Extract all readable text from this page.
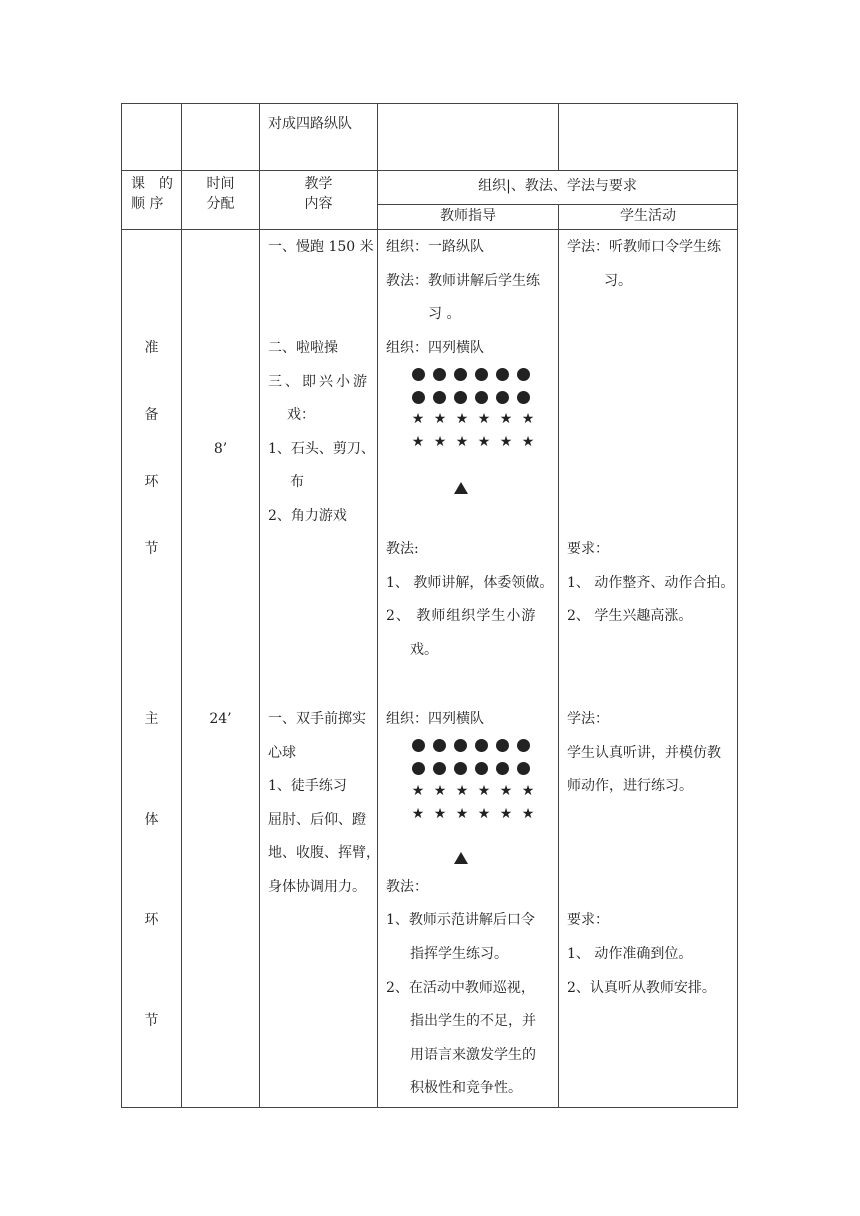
对成四路纵队
课　的
顺 序
时间
分配
教学
内容
组织|、教法、学法与要求
教师指导	学生活动
准
备
环
节
8’
一、慢跑 150 米
二、啦啦操
三、即兴小游
戏：
1、石头、剪刀、
布
2、角力游戏
组织：一路纵队
教法：教师讲解后学生练
习 。
组织：四列横队
★ ★ ★ ★ ★ ★
★ ★ ★ ★ ★ ★
教法:
1、 教师讲解，体委领做。
2、 教师组织学生小游
戏。
学法：听教师口令学生练
习。
要求：
1、 动作整齐、动作合拍。
2、 学生兴趣高涨。
主
体
环
节
24’	一、双手前掷实
心球
1、徒手练习
屈肘、后仰、蹬
地、收腹、挥臂，
身体协调用力。
组织：四列横队
★ ★ ★ ★ ★ ★
★ ★ ★ ★ ★ ★
教法：
1、教师示范讲解后口令
指挥学生练习。
2、在活动中教师巡视，
指出学生的不足，并
用语言来激发学生的
积极性和竞争性。
学法：
学生认真听讲，并模仿教
师动作，进行练习。
要求：
1、 动作准确到位。
2、认真听从教师安排。
